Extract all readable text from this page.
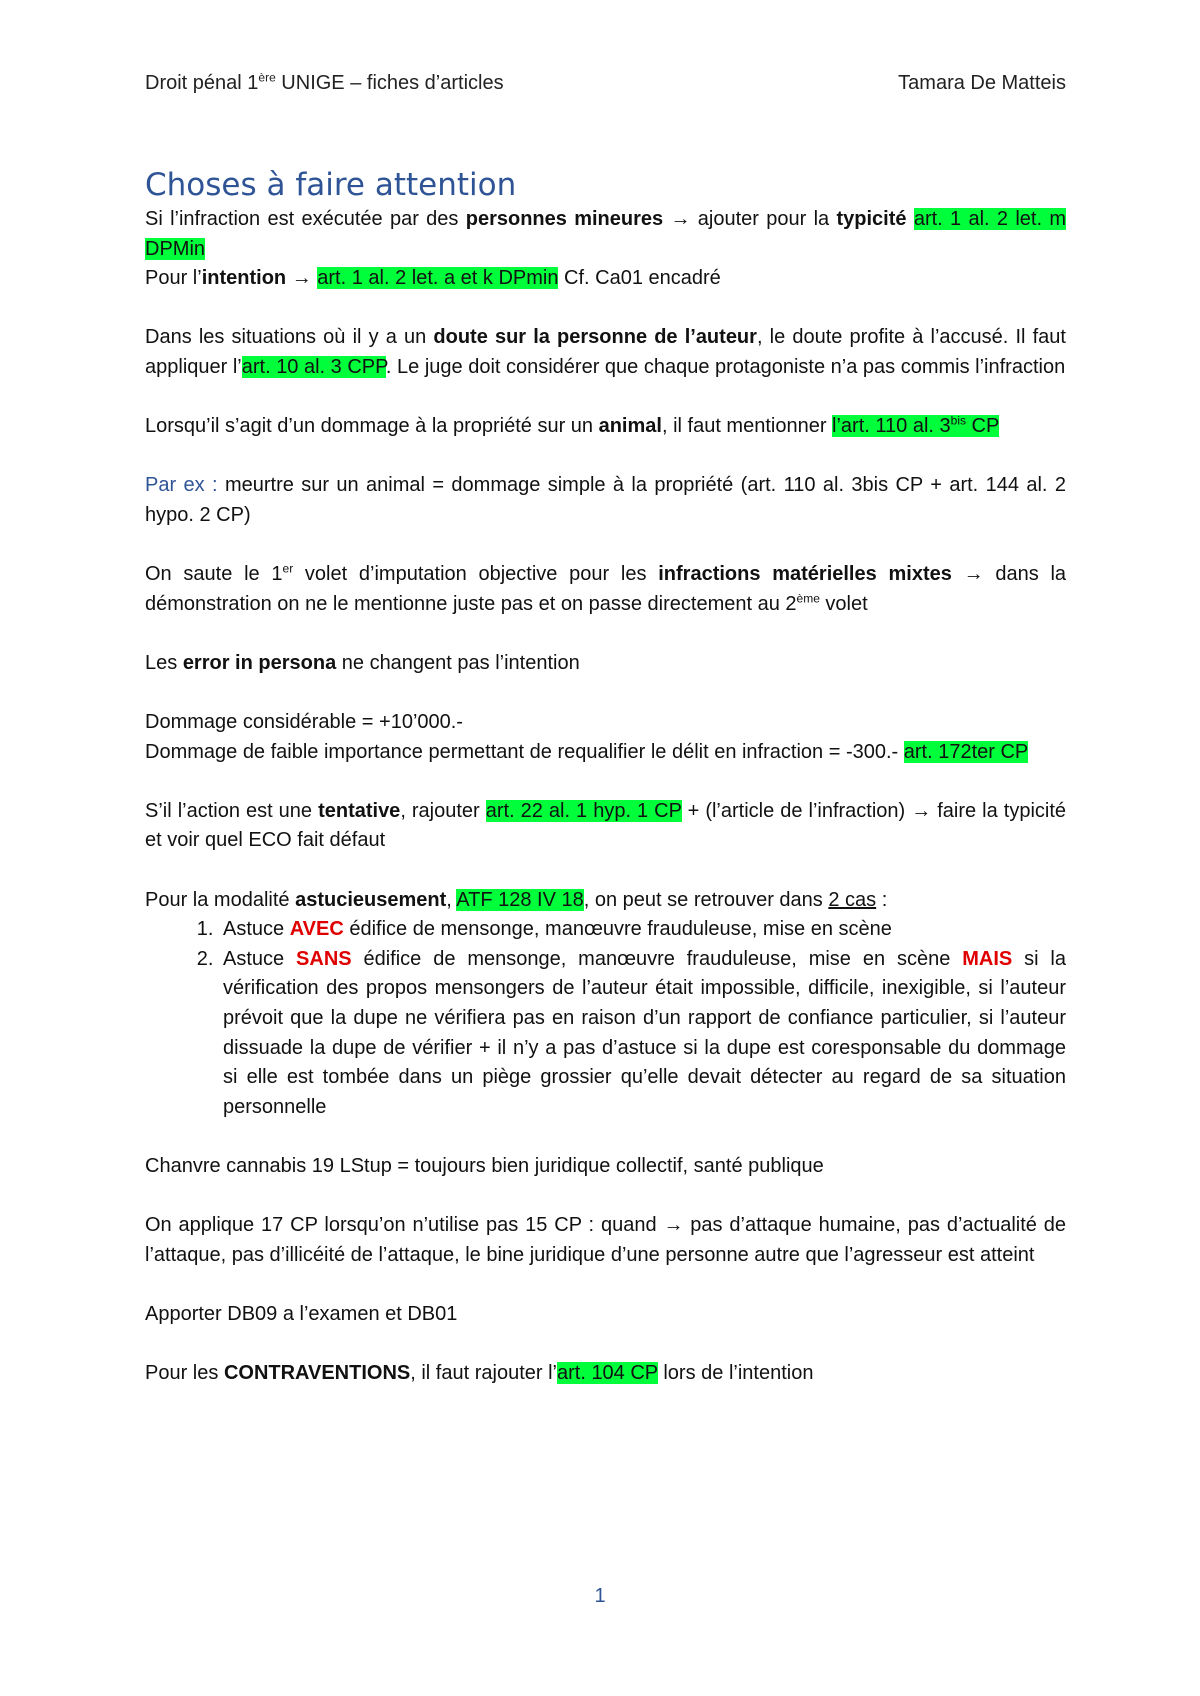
Droit pénal 1ère UNIGE – fiches d’articles	Tamara De Matteis
Choses à faire attention

Si l’infraction est exécutée par des personnes mineures → ajouter pour la typicité art. 1 al. 2 let. m DPMin

Pour l’intention → art. 1 al. 2 let. a et k DPmin Cf. Ca01 encadré

Dans les situations où il y a un doute sur la personne de l’auteur, le doute profite à l’accusé. Il faut appliquer l’art. 10 al. 3 CPP. Le juge doit considérer que chaque protagoniste n’a pas commis l’infraction

Lorsqu’il s’agit d’un dommage à la propriété sur un animal, il faut mentionner l’art. 110 al. $3^{bis}$ CP

Par ex : meurtre sur un animal = dommage simple à la propriété (art. 110 al. 3bis CP + art. 144 al. 2 hypo. 2 CP)

On saute le 1er volet d’imputation objective pour les infractions matérielles mixtes → dans la démonstration on ne le mentionne juste pas et on passe directement au 2ème volet

Les error in persona ne changent pas l’intention

Dommage considérable = +10’000.-

Dommage de faible importance permettant de requalifier le délit en infraction = -300.- art. 172ter CP

S’il l’action est une tentative, rajouter art. 22 al. 1 hyp. 1 CP + (l’article de l’infraction) → faire la typicité et voir quel ECO fait défaut

Pour la modalité astucieusement, ATF 128 IV 18, on peut se retrouver dans 2 cas :

1. Astuce AVEC édifice de mensonge, manœuvre frauduleuse, mise en scène
2. Astuce SANS édifice de mensonge, manœuvre frauduleuse, mise en scène MAIS si la vérification des propos mensongers de l’auteur était impossible, difficile, inexigible, si l’auteur prévoit que la dupe ne vérifiera pas en raison d’un rapport de confiance particulier, si l’auteur dissuade la dupe de vérifier + il n’y a pas d’astuce si la dupe est coresponsable du dommage si elle est tombée dans un piège grossier qu’elle devait détecter au regard de sa situation personnelle

Chanvre cannabis 19 LStup = toujours bien juridique collectif, santé publique

On applique 17 CP lorsqu’on n’utilise pas 15 CP : quand → pas d’attaque humaine, pas d’actualité de l’attaque, pas d’illicéité de l’attaque, le bine juridique d’une personne autre que l’agresseur est atteint

Apporter DB09 a l’examen et DB01

Pour les CONTRAVENTIONS, il faut rajouter l’art. 104 CP lors de l’intention

1
